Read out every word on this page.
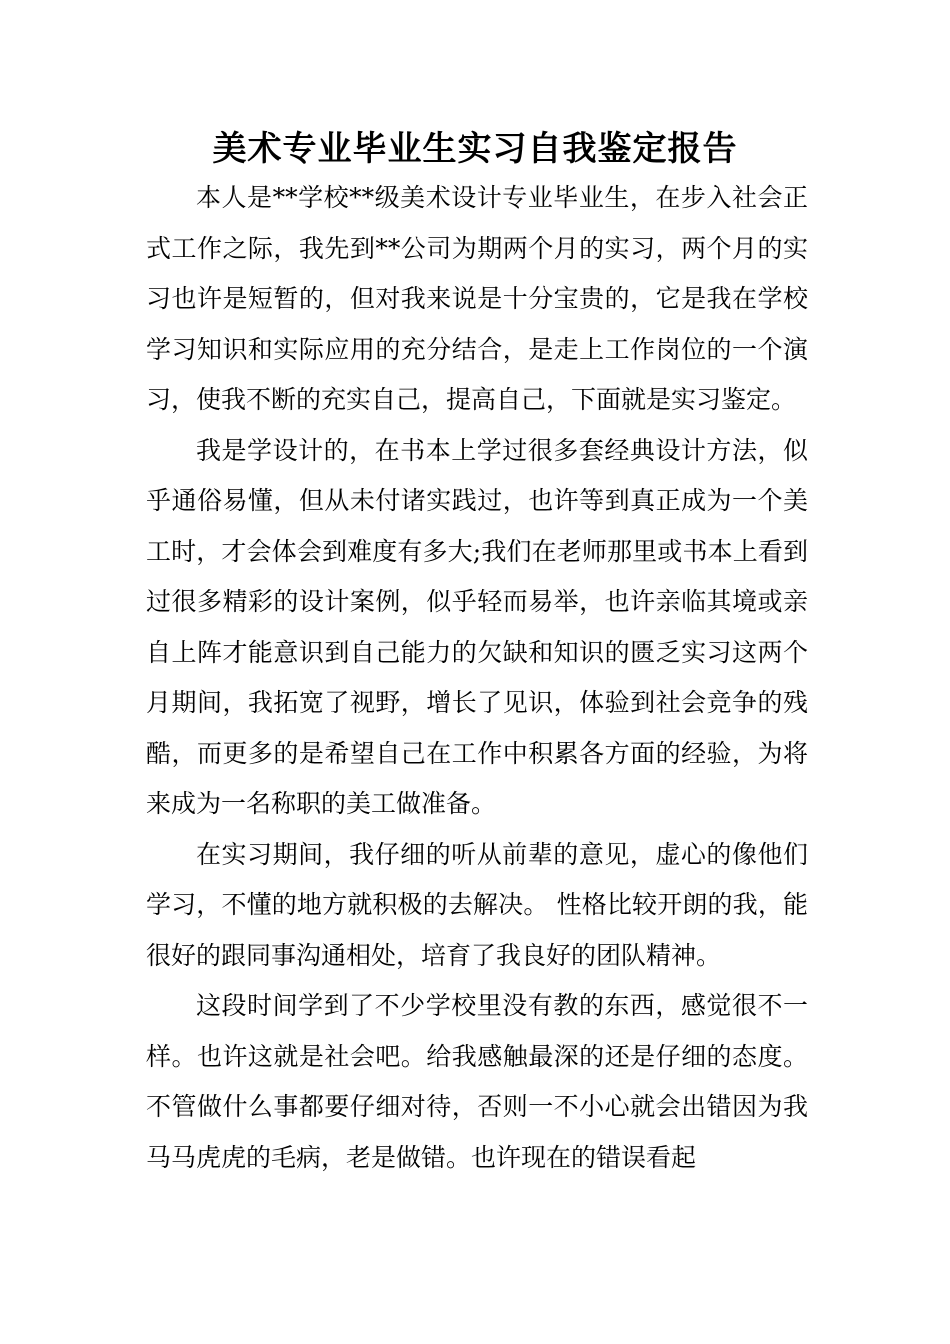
美术专业毕业生实习自我鉴定报告

本人是**学校**级美术设计专业毕业生，在步入社会正式工作之际，我先到**公司为期两个月的实习，两个月的实习也许是短暂的，但对我来说是十分宝贵的，它是我在学校学习知识和实际应用的充分结合，是走上工作岗位的一个演习，使我不断的充实自己，提高自己，下面就是实习鉴定。

我是学设计的，在书本上学过很多套经典设计方法，似乎通俗易懂，但从未付诸实践过，也许等到真正成为一个美工时，才会体会到难度有多大;我们在老师那里或书本上看到过很多精彩的设计案例，似乎轻而易举，也许亲临其境或亲自上阵才能意识到自己能力的欠缺和知识的匮乏实习这两个月期间，我拓宽了视野，增长了见识，体验到社会竞争的残酷，而更多的是希望自己在工作中积累各方面的经验，为将来成为一名称职的美工做准备。

在实习期间，我仔细的听从前辈的意见，虚心的像他们学习，不懂的地方就积极的去解决。 性格比较开朗的我，能很好的跟同事沟通相处，培育了我良好的团队精神。

这段时间学到了不少学校里没有教的东西，感觉很不一样。也许这就是社会吧。给我感触最深的还是仔细的态度。不管做什么事都要仔细对待，否则一不小心就会出错因为我马马虎虎的毛病，老是做错。也许现在的错误看起
